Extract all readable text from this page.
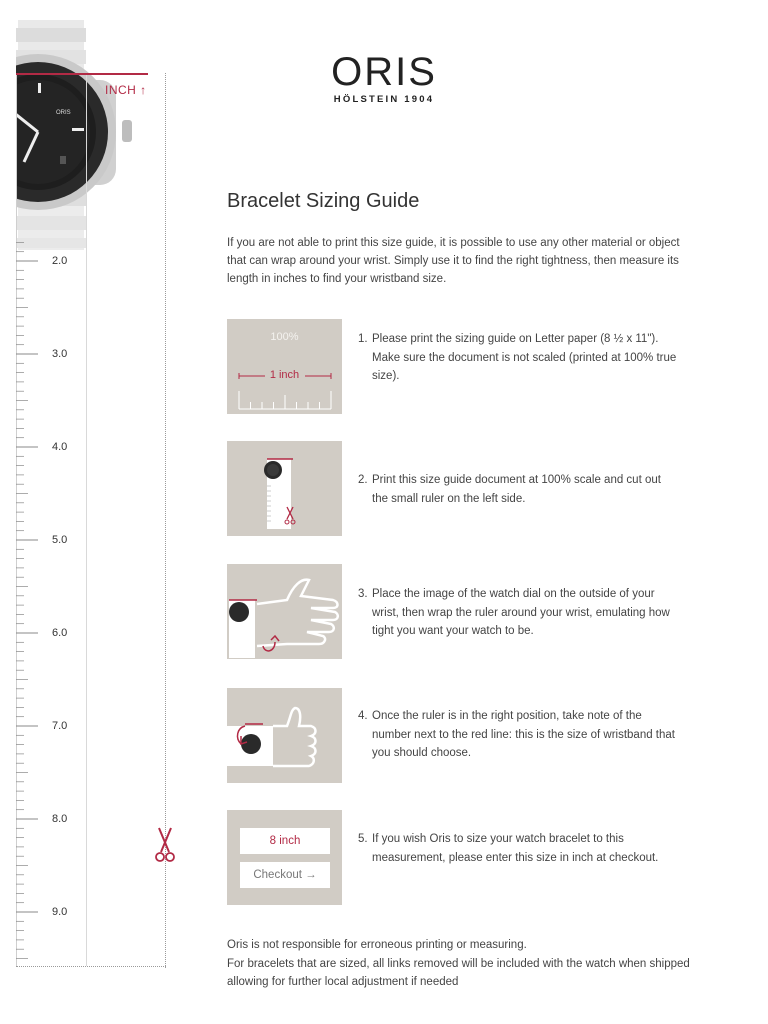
ORIS
INCH ↑
2.0
3.0
4.0
5.0
6.0
7.0
8.0
9.0
ORIS
HÖLSTEIN 1904
Bracelet Sizing Guide
If you are not able to print this size guide, it is possible to use any other material or object that can wrap around your wrist. Simply use it to find the right tightness, then measure its length in inches to find your wristband size.
100%
1 inch
1. Please print the sizing guide on Letter paper (8 ½ x 11"). Make sure the document is not scaled (printed at 100% true size).
2. Print this size guide document at 100% scale and cut out the small ruler on the left side.
3. Place the image of the watch dial on the outside of your wrist, then wrap the ruler around your wrist, emulating how tight you want your watch to be.
4. Once the ruler is in the right position, take note of the number next to the red line: this is the size of wristband that you should choose.
8 inch
Checkout →
5. If you wish Oris to size your watch bracelet to this measurement, please enter this size in inch at checkout.
Oris is not responsible for erroneous printing or measuring.
For bracelets that are sized, all links removed will be included with the watch when shipped allowing for further local adjustment if needed
